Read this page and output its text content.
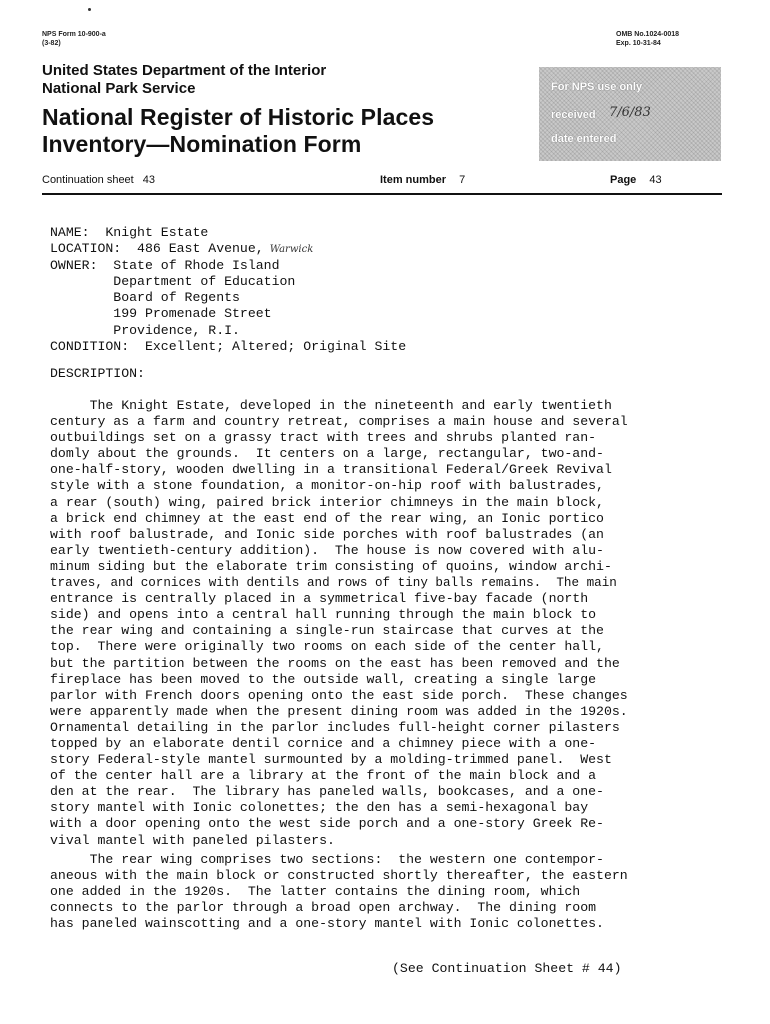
NPS Form 10-900-a
(3-82)
OMB No.1024-0018
Exp. 10-31-84
United States Department of the Interior
National Park Service
National Register of Historic Places
Inventory—Nomination Form
For NPS use only
received 7/6/83
date entered
Continuation sheet 43	Item number 7	Page 43
NAME:  Knight Estate
LOCATION:  486 East Avenue, Warwick
OWNER:  State of Rhode Island
Department of Education
Board of Regents
199 Promenade Street
Providence, R.I.
CONDITION:  Excellent; Altered; Original Site
DESCRIPTION:
The Knight Estate, developed in the nineteenth and early twentieth
century as a farm and country retreat, comprises a main house and several
outbuildings set on a grassy tract with trees and shrubs planted ran-
domly about the grounds.  It centers on a large, rectangular, two-and-
one-half-story, wooden dwelling in a transitional Federal/Greek Revival
style with a stone foundation, a monitor-on-hip roof with balustrades,
a rear (south) wing, paired brick interior chimneys in the main block,
a brick end chimney at the east end of the rear wing, an Ionic portico
with roof balustrade, and Ionic side porches with roof balustrades (an
early twentieth-century addition).  The house is now covered with alu-
minum siding but the elaborate trim consisting of quoins, window archi-
traves, and cornices with dentils and rows of tiny balls remains.  The main
entrance is centrally placed in a symmetrical five-bay facade (north
side) and opens into a central hall running through the main block to
the rear wing and containing a single-run staircase that curves at the
top.  There were originally two rooms on each side of the center hall,
but the partition between the rooms on the east has been removed and the
fireplace has been moved to the outside wall, creating a single large
parlor with French doors opening onto the east side porch.  These changes
were apparently made when the present dining room was added in the 1920s.
Ornamental detailing in the parlor includes full-height corner pilasters
topped by an elaborate dentil cornice and a chimney piece with a one-
story Federal-style mantel surmounted by a molding-trimmed panel.  West
of the center hall are a library at the front of the main block and a
den at the rear.  The library has paneled walls, bookcases, and a one-
story mantel with Ionic colonettes; the den has a semi-hexagonal bay
with a door opening onto the west side porch and a one-story Greek Re-
vival mantel with paneled pilasters.
The rear wing comprises two sections:  the western one contempor-
aneous with the main block or constructed shortly thereafter, the eastern
one added in the 1920s.  The latter contains the dining room, which
connects to the parlor through a broad open archway.  The dining room
has paneled wainscotting and a one-story mantel with Ionic colonettes.
(See Continuation Sheet # 44)
